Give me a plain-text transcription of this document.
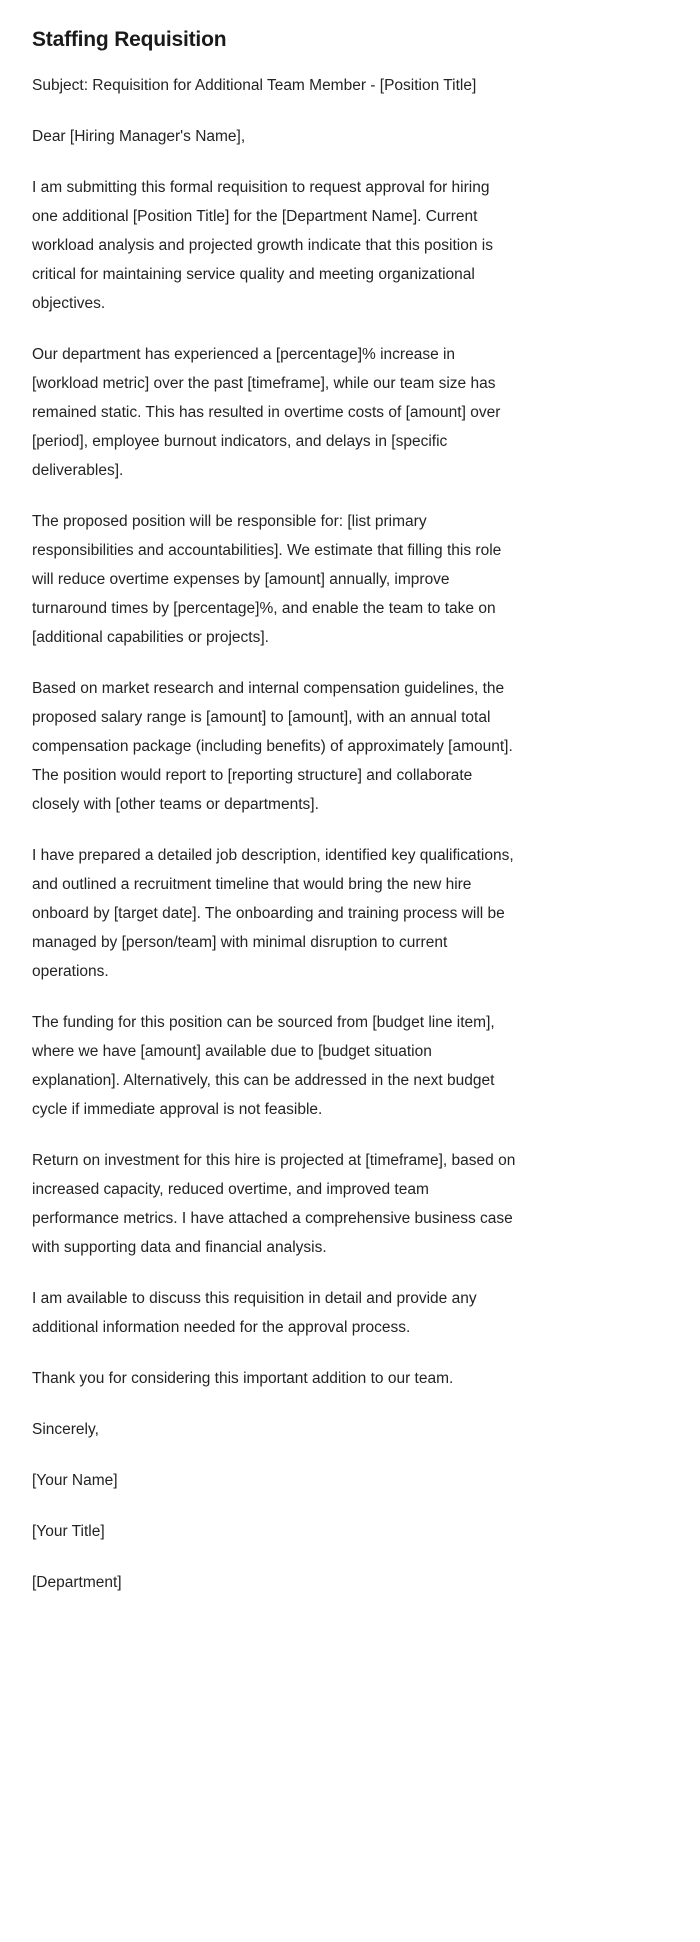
Staffing Requisition

Subject: Requisition for Additional Team Member - [Position Title]

Dear [Hiring Manager's Name],

I am submitting this formal requisition to request approval for hiring one additional [Position Title] for the [Department Name]. Current workload analysis and projected growth indicate that this position is critical for maintaining service quality and meeting organizational objectives.

Our department has experienced a [percentage]% increase in [workload metric] over the past [timeframe], while our team size has remained static. This has resulted in overtime costs of [amount] over [period], employee burnout indicators, and delays in [specific deliverables].

The proposed position will be responsible for: [list primary responsibilities and accountabilities]. We estimate that filling this role will reduce overtime expenses by [amount] annually, improve turnaround times by [percentage]%, and enable the team to take on [additional capabilities or projects].

Based on market research and internal compensation guidelines, the proposed salary range is [amount] to [amount], with an annual total compensation package (including benefits) of approximately [amount]. The position would report to [reporting structure] and collaborate closely with [other teams or departments].

I have prepared a detailed job description, identified key qualifications, and outlined a recruitment timeline that would bring the new hire onboard by [target date]. The onboarding and training process will be managed by [person/team] with minimal disruption to current operations.

The funding for this position can be sourced from [budget line item], where we have [amount] available due to [budget situation explanation]. Alternatively, this can be addressed in the next budget cycle if immediate approval is not feasible.

Return on investment for this hire is projected at [timeframe], based on increased capacity, reduced overtime, and improved team performance metrics. I have attached a comprehensive business case with supporting data and financial analysis.

I am available to discuss this requisition in detail and provide any additional information needed for the approval process.

Thank you for considering this important addition to our team.

Sincerely,

[Your Name]

[Your Title]

[Department]
